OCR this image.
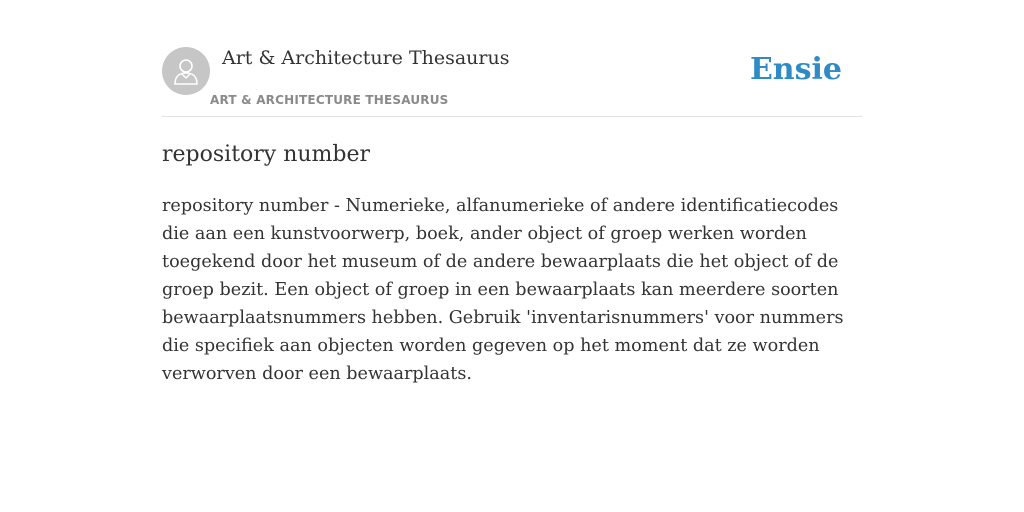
Art & Architecture Thesaurus
ART & ARCHITECTURE THESAURUS
Ensie
repository number

repository number - Numerieke, alfanumerieke of andere identificatiecodes die aan een kunstvoorwerp, boek, ander object of groep werken worden toegekend door het museum of de andere bewaarplaats die het object of de groep bezit. Een object of groep in een bewaarplaats kan meerdere soorten bewaarplaatsnummers hebben. Gebruik 'inventarisnummers' voor nummers die specifiek aan objecten worden gegeven op het moment dat ze worden verworven door een bewaarplaats.
